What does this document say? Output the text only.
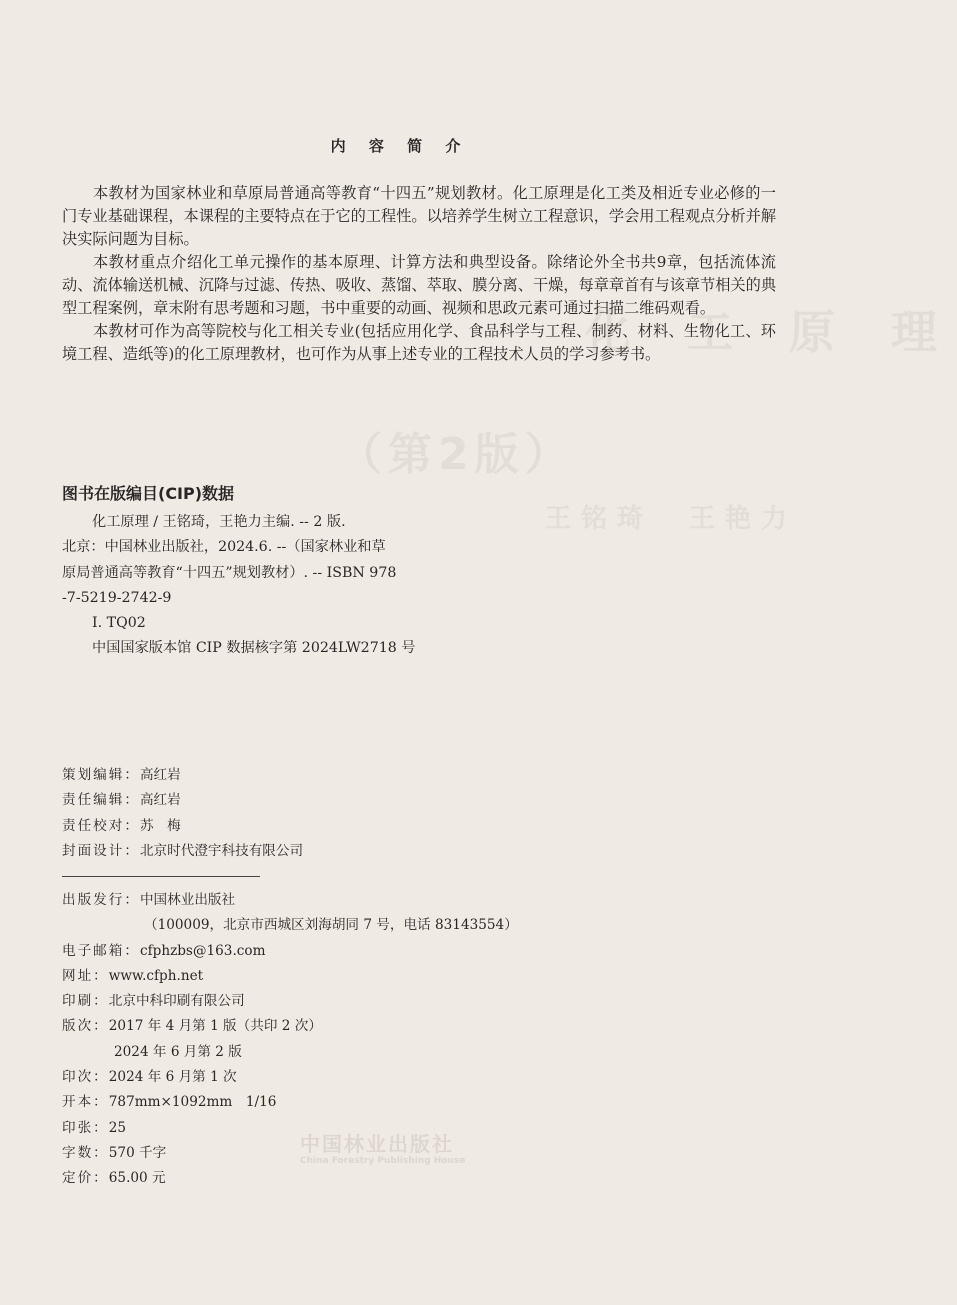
化 工 原 理
（第2版）
王铭琦　王艳力
中国林业出版社
China Forestry Publishing House
内 容 简 介

本教材为国家林业和草原局普通高等教育“十四五”规划教材。化工原理是化工类及相近专业必修的一门专业基础课程，本课程的主要特点在于它的工程性。以培养学生树立工程意识，学会用工程观点分析并解决实际问题为目标。

本教材重点介绍化工单元操作的基本原理、计算方法和典型设备。除绪论外全书共9章，包括流体流动、流体输送机械、沉降与过滤、传热、吸收、蒸馏、萃取、膜分离、干燥，每章章首有与该章节相关的典型工程案例，章末附有思考题和习题，书中重要的动画、视频和思政元素可通过扫描二维码观看。

本教材可作为高等院校与化工相关专业(包括应用化学、食品科学与工程、制药、材料、生物化工、环境工程、造纸等)的化工原理教材，也可作为从事上述专业的工程技术人员的学习参考书。

图书在版编目(CIP)数据
化工原理 / 王铭琦，王艳力主编. -- 2 版.
北京：中国林业出版社，2024.6. --（国家林业和草
原局普通高等教育“十四五”规划教材）. -- ISBN 978
-7-5219-2742-9
Ⅰ. TQ02
中国国家版本馆 CIP 数据核字第 2024LW2718 号
策划编辑：高红岩
责任编辑：高红岩
责任校对：苏　梅
封面设计：北京时代澄宇科技有限公司
出版发行：中国林业出版社
（100009，北京市西城区刘海胡同 7 号，电话 83143554）
电子邮箱：cfphzbs@163.com
网址：www.cfph.net
印刷：北京中科印刷有限公司
版次：2017 年 4 月第 1 版（共印 2 次）
2024 年 6 月第 2 版
印次：2024 年 6 月第 1 次
开本：787mm×1092mm　1/16
印张：25
字数：570 千字
定价：65.00 元
